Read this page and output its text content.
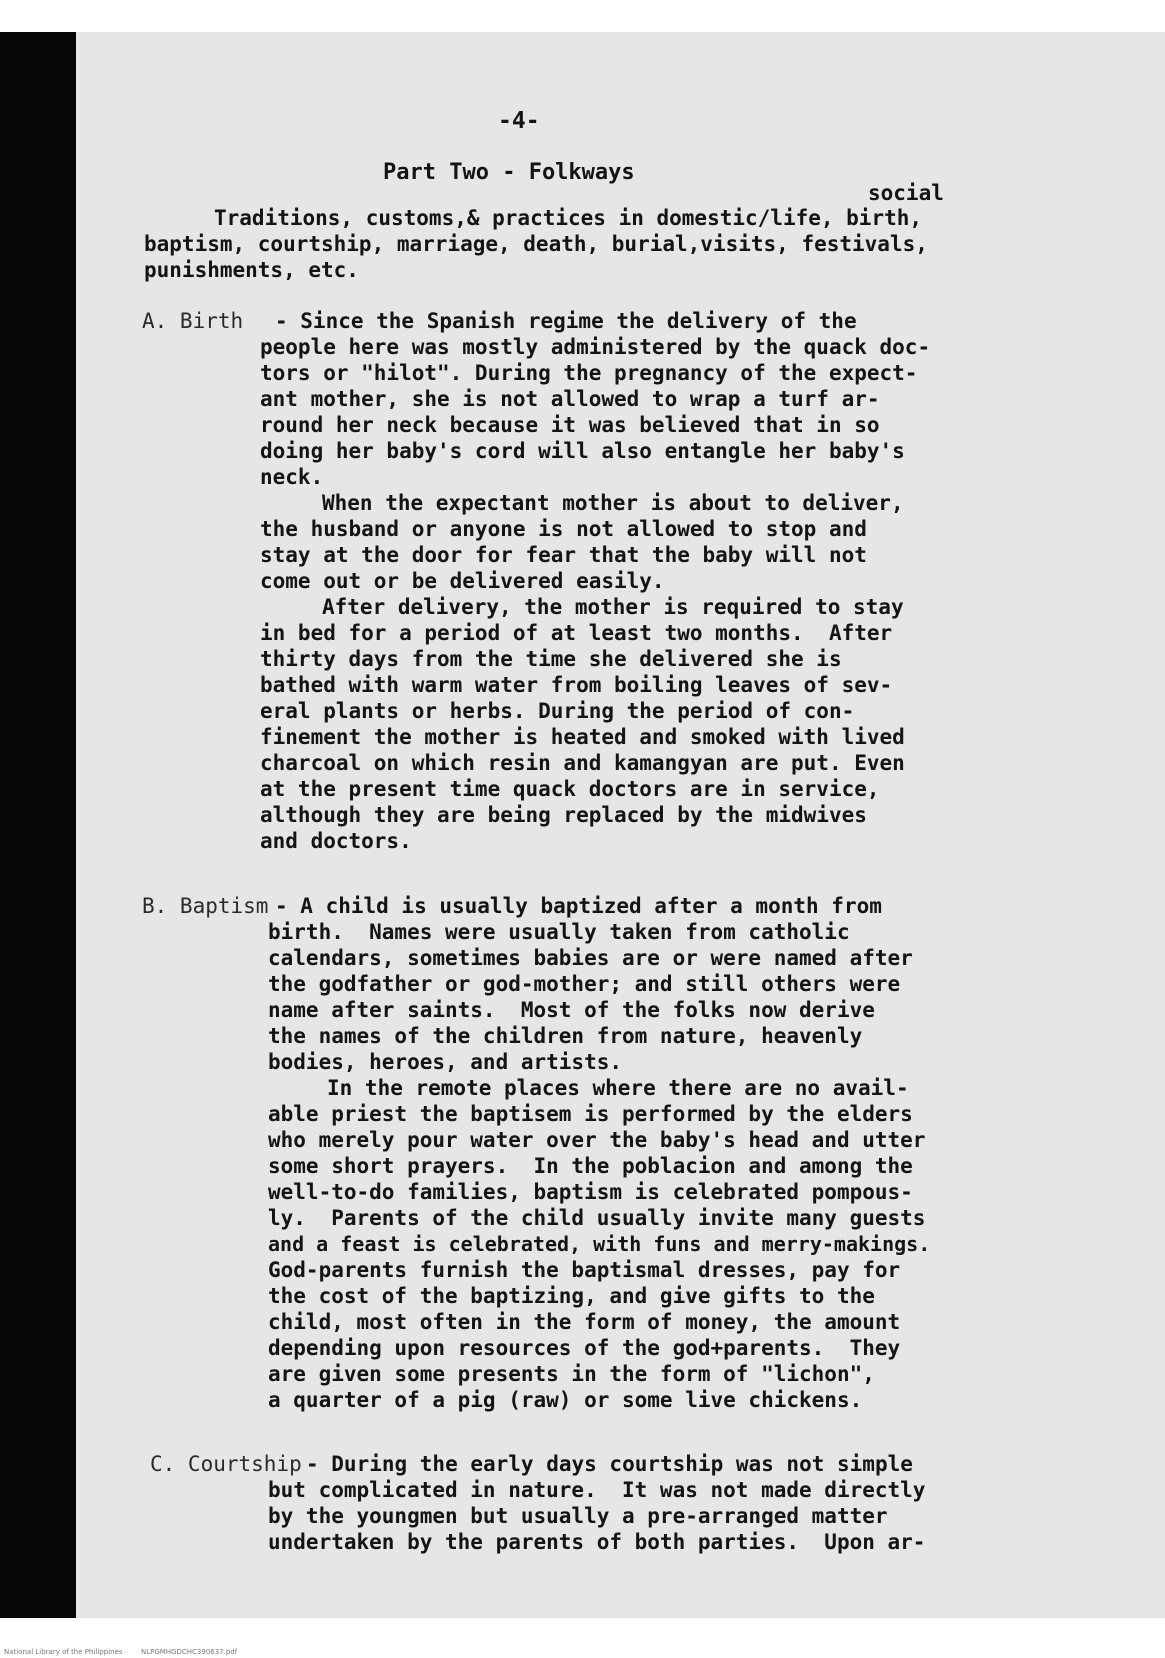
-4-

Part Two - Folkways

social

Traditions, customs,& practices in domestic/life, birth,

baptism, courtship, marriage, death, burial,visits, festivals,

punishments, etc.

A. Birth - Since the Spanish regime the delivery of the

people here was mostly administered by the quack doc-

tors or "hilot". During the pregnancy of the expect-

ant mother, she is not allowed to wrap a turf ar-

round her neck because it was believed that in so

doing her baby's cord will also entangle her baby's

neck.

When the expectant mother is about to deliver,

the husband or anyone is not allowed to stop and

stay at the door for fear that the baby will not

come out or be delivered easily.

After delivery, the mother is required to stay

in bed for a period of at least two months.  After

thirty days from the time she delivered she is

bathed with warm water from boiling leaves of sev-

eral plants or herbs. During the period of con-

finement the mother is heated and smoked with lived

charcoal on which resin and kamangyan are put. Even

at the present time quack doctors are in service,

although they are being replaced by the midwives

and doctors.

B. Baptism - A child is usually baptized after a month from

birth.  Names were usually taken from catholic

calendars, sometimes babies are or were named after

the godfather or god-mother; and still others were

name after saints.  Most of the folks now derive

the names of the children from nature, heavenly

bodies, heroes, and artists.

In the remote places where there are no avail-

able priest the baptisem is performed by the elders

who merely pour water over the baby's head and utter

some short prayers.  In the poblacion and among the

well-to-do families, baptism is celebrated pompous-

ly.  Parents of the child usually invite many guests

and a feast is celebrated, with funs and merry-makings.

God-parents furnish the baptismal dresses, pay for

the cost of the baptizing, and give gifts to the

child, most often in the form of money, the amount

depending upon resources of the god+parents.  They

are given some presents in the form of "lichon",

a quarter of a pig (raw) or some live chickens.

C. Courtship - During the early days courtship was not simple

but complicated in nature.  It was not made directly

by the youngmen but usually a pre-arranged matter

undertaken by the parents of both parties.  Upon ar-

National Library of the Philippines	NLPGMHGDCHC390637.pdf
